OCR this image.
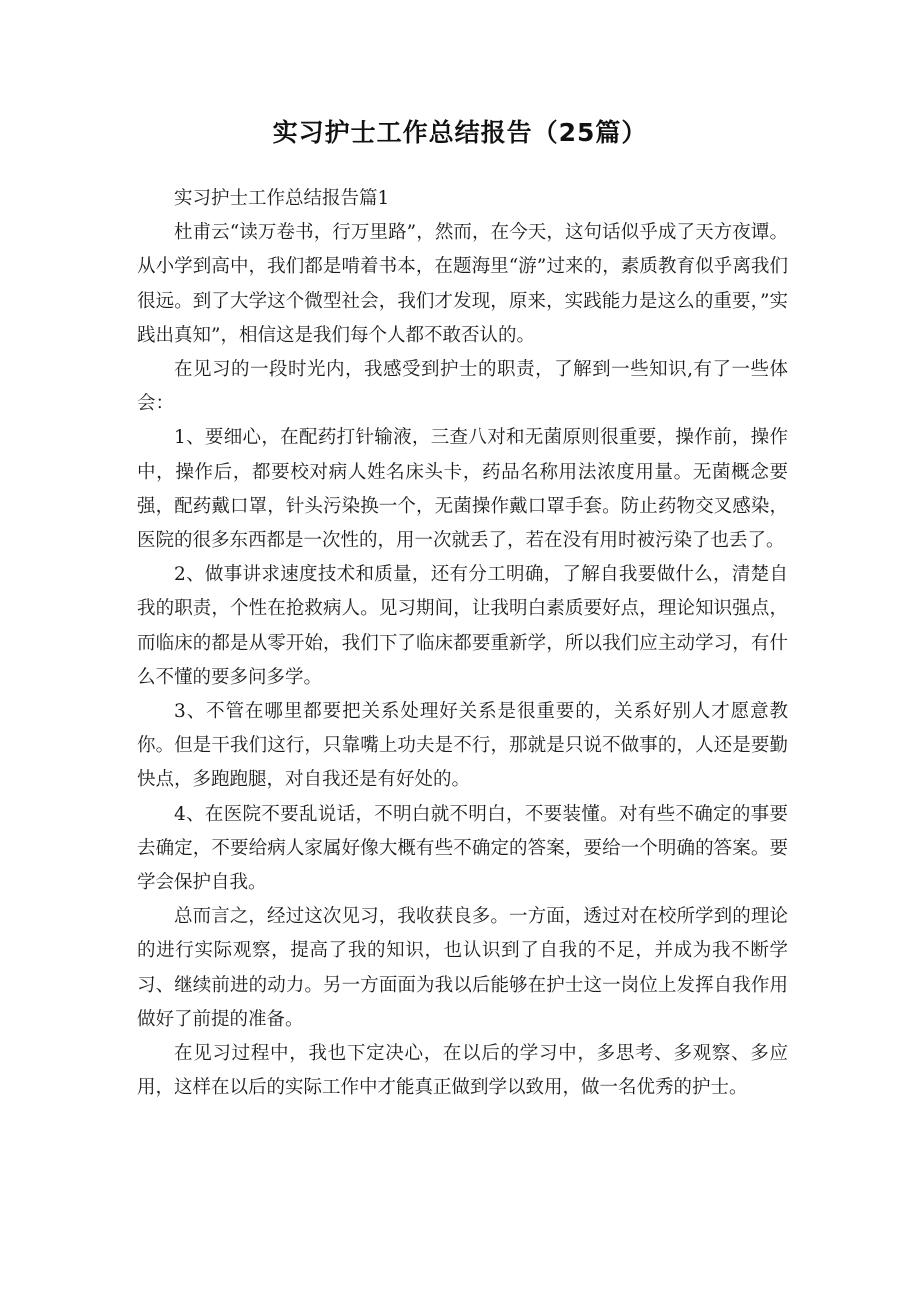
实习护士工作总结报告（25篇）

实习护士工作总结报告篇1

杜甫云“读万卷书，行万里路”，然而，在今天，这句话似乎成了天方夜谭。从小学到高中，我们都是啃着书本，在题海里“游”过来的，素质教育似乎离我们很远。到了大学这个微型社会，我们才发现，原来，实践能力是这么的重要，”实践出真知”，相信这是我们每个人都不敢否认的。

在见习的一段时光内，我感受到护士的职责，了解到一些知识,有了一些体会：

1、要细心，在配药打针输液，三查八对和无菌原则很重要，操作前，操作中，操作后，都要校对病人姓名床头卡，药品名称用法浓度用量。无菌概念要强，配药戴口罩，针头污染换一个，无菌操作戴口罩手套。防止药物交叉感染，医院的很多东西都是一次性的，用一次就丢了，若在没有用时被污染了也丢了。

2、做事讲求速度技术和质量，还有分工明确，了解自我要做什么，清楚自我的职责，个性在抢救病人。见习期间，让我明白素质要好点，理论知识强点，而临床的都是从零开始，我们下了临床都要重新学，所以我们应主动学习，有什么不懂的要多问多学。

3、不管在哪里都要把关系处理好关系是很重要的，关系好别人才愿意教你。但是干我们这行，只靠嘴上功夫是不行，那就是只说不做事的，人还是要勤快点，多跑跑腿，对自我还是有好处的。

4、在医院不要乱说话，不明白就不明白，不要装懂。对有些不确定的事要去确定，不要给病人家属好像大概有些不确定的答案，要给一个明确的答案。要学会保护自我。

总而言之，经过这次见习，我收获良多。一方面，透过对在校所学到的理论的进行实际观察，提高了我的知识，也认识到了自我的不足，并成为我不断学习、继续前进的动力。另一方面面为我以后能够在护士这一岗位上发挥自我作用做好了前提的准备。

在见习过程中，我也下定决心，在以后的学习中，多思考、多观察、多应用，这样在以后的实际工作中才能真正做到学以致用，做一名优秀的护士。
